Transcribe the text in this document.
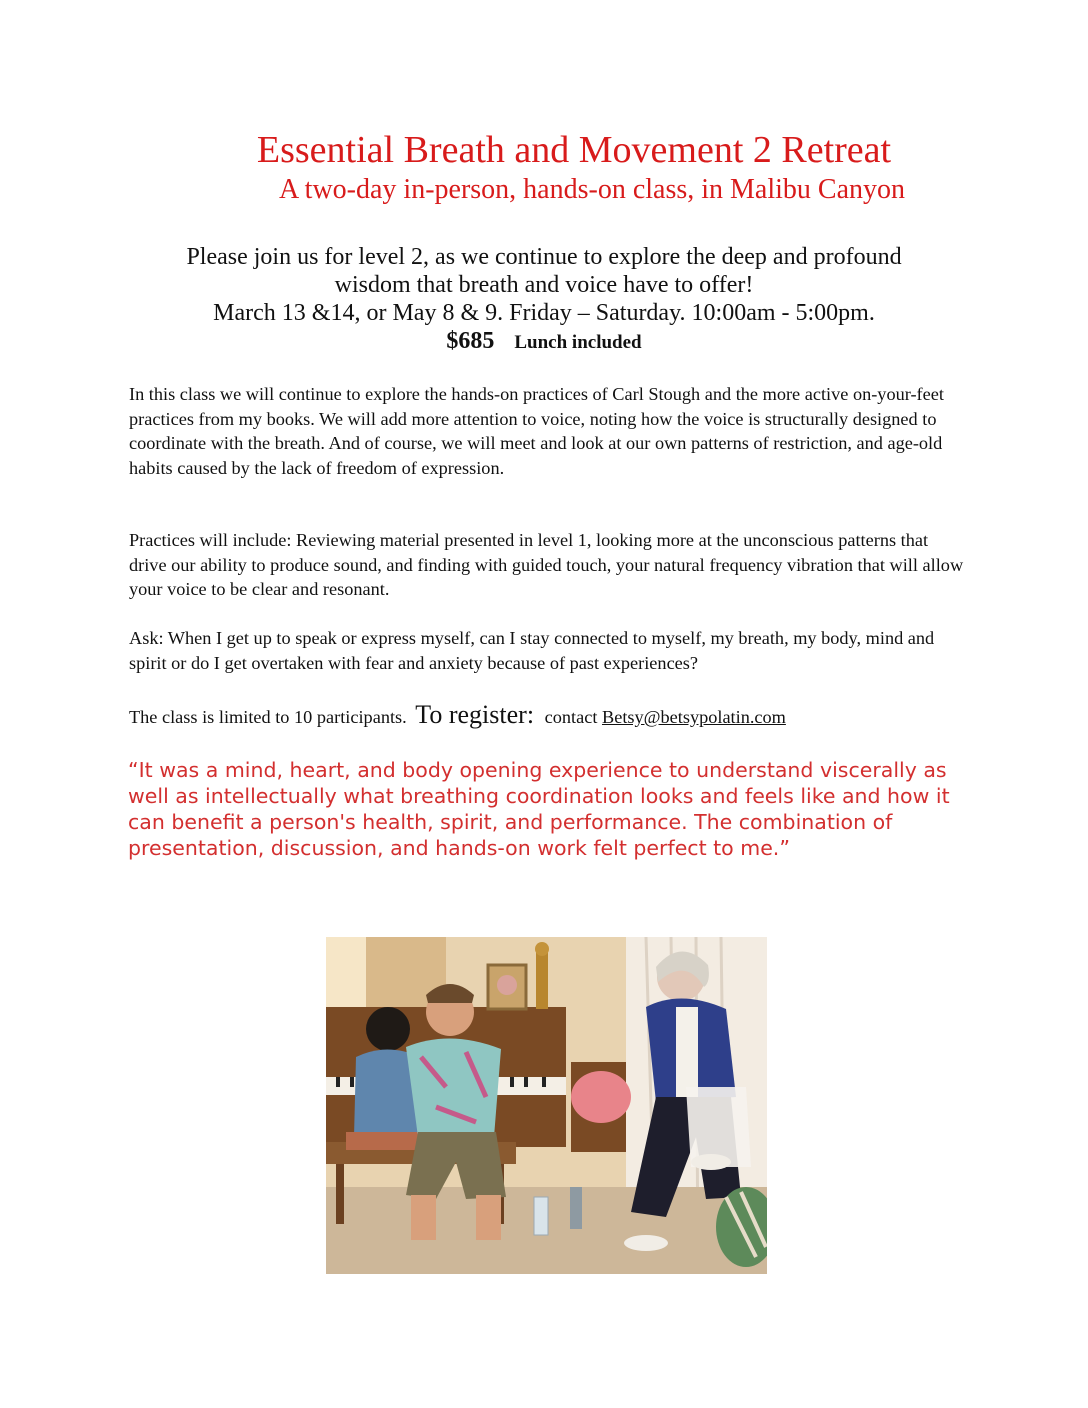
Essential Breath and Movement 2 Retreat
A two-day in-person, hands-on class, in Malibu Canyon
Please join us for level 2, as we continue to explore the deep and profound
wisdom that breath and voice have to offer!
March 13 &14, or May 8 & 9. Friday – Saturday. 10:00am - 5:00pm.
$685 Lunch included

In this class we will continue to explore the hands-on practices of Carl Stough and the more active on-your-feet practices from my books. We will add more attention to voice, noting how the voice is structurally designed to coordinate with the breath. And of course, we will meet and look at our own patterns of restriction, and age-old habits caused by the lack of freedom of expression.

Practices will include: Reviewing material presented in level 1, looking more at the unconscious patterns that drive our ability to produce sound, and finding with guided touch, your natural frequency vibration that will allow your voice to be clear and resonant.

Ask: When I get up to speak or express myself, can I stay connected to myself, my breath, my body, mind and spirit or do I get overtaken with fear and anxiety because of past experiences?

The class is limited to 10 participants. To register: contact Betsy@betsypolatin.com

“It was a mind, heart, and body opening experience to understand viscerally as well as intellectually what breathing coordination looks and feels like and how it can benefit a person's health, spirit, and performance. The combination of presentation, discussion, and hands-on work felt perfect to me.”
